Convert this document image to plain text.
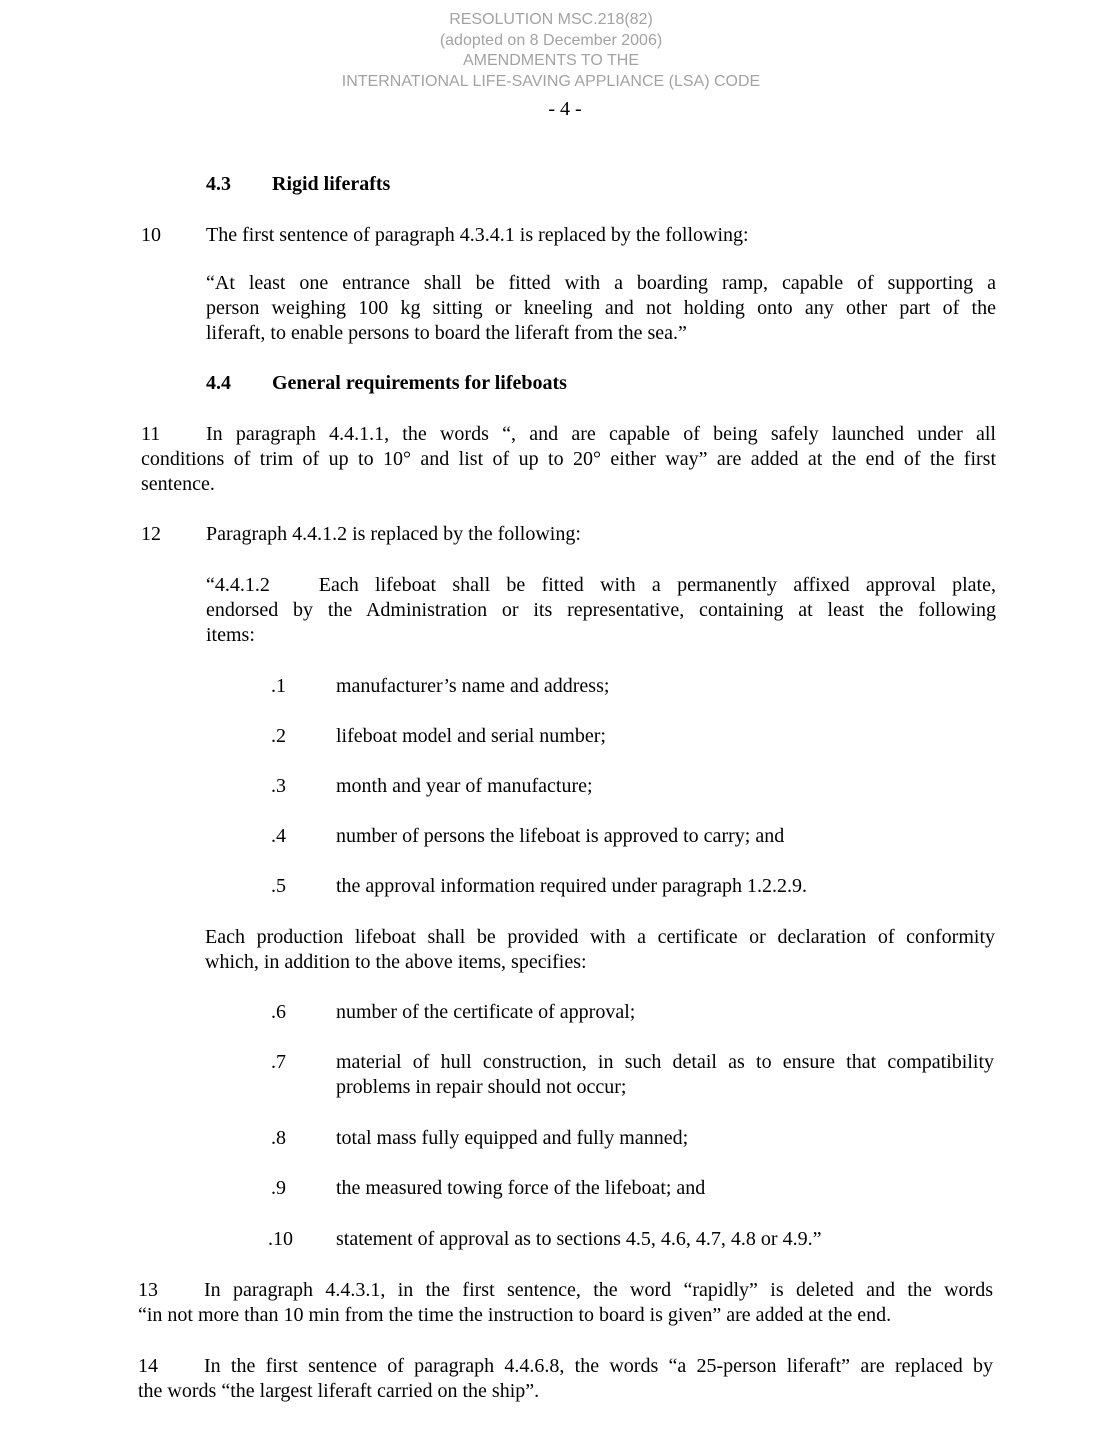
RESOLUTION MSC.218(82)
(adopted on 8 December 2006)
AMENDMENTS TO THE
INTERNATIONAL LIFE-SAVING APPLIANCE (LSA) CODE
- 4 -
4.3 Rigid liferafts
10 The first sentence of paragraph 4.3.4.1 is replaced by the following:
“At least one entrance shall be fitted with a boarding ramp, capable of supporting a
person weighing 100 kg sitting or kneeling and not holding onto any other part of the
liferaft, to enable persons to board the liferaft from the sea.”
4.4 General requirements for lifeboats
11 In paragraph 4.4.1.1, the words “, and are capable of being safely launched under all
conditions of trim of up to 10° and list of up to 20° either way” are added at the end of the first
sentence.
12 Paragraph 4.4.1.2 is replaced by the following:
“4.4.1.2   Each lifeboat shall be fitted with a permanently affixed approval plate,
endorsed by the Administration or its representative, containing at least the following
items:
.1	manufacturer’s name and address;
.2	lifeboat model and serial number;
.3	month and year of manufacture;
.4	number of persons the lifeboat is approved to carry; and
.5	the approval information required under paragraph 1.2.2.9.
Each production lifeboat shall be provided with a certificate or declaration of conformity
which, in addition to the above items, specifies:
.6	number of the certificate of approval;
.7	material of hull construction, in such detail as to ensure that compatibility
problems in repair should not occur;
.8	total mass fully equipped and fully manned;
.9	the measured towing force of the lifeboat; and
.10 statement of approval as to sections 4.5, 4.6, 4.7, 4.8 or 4.9.”
13 In paragraph 4.4.3.1, in the first sentence, the word “rapidly” is deleted and the words
“in not more than 10 min from the time the instruction to board is given” are added at the end.
14 In the first sentence of paragraph 4.4.6.8, the words “a 25-person liferaft” are replaced by
the words “the largest liferaft carried on the ship”.
